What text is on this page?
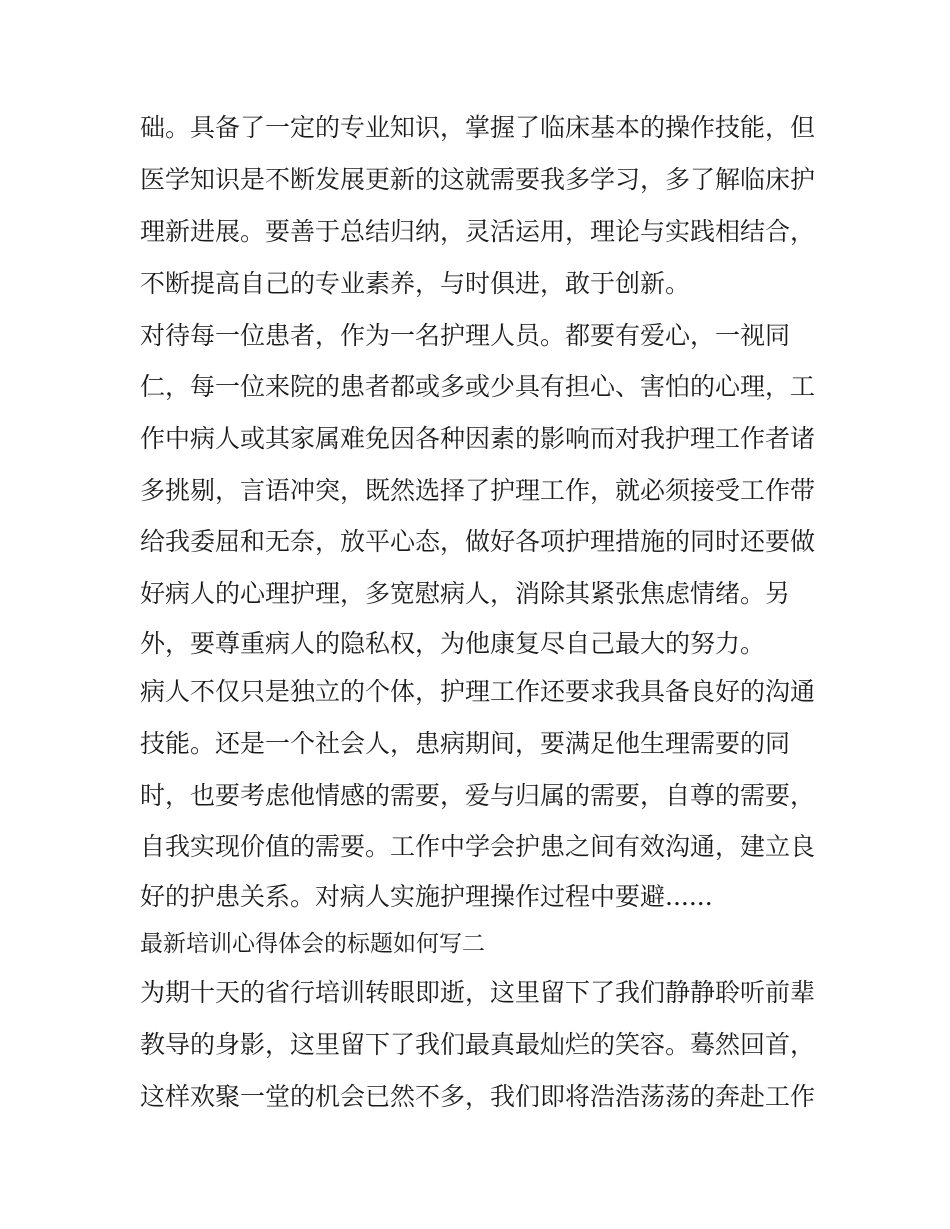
础。具备了一定的专业知识，掌握了临床基本的操作技能，但
医学知识是不断发展更新的这就需要我多学习，多了解临床护
理新进展。要善于总结归纳，灵活运用，理论与实践相结合，
不断提高自己的专业素养，与时俱进，敢于创新。
对待每一位患者，作为一名护理人员。都要有爱心，一视同
仁，每一位来院的患者都或多或少具有担心、害怕的心理，工
作中病人或其家属难免因各种因素的影响而对我护理工作者诸
多挑剔，言语冲突，既然选择了护理工作，就必须接受工作带
给我委屈和无奈，放平心态，做好各项护理措施的同时还要做
好病人的心理护理，多宽慰病人，消除其紧张焦虑情绪。另
外，要尊重病人的隐私权，为他康复尽自己最大的努力。
病人不仅只是独立的个体，护理工作还要求我具备良好的沟通
技能。还是一个社会人，患病期间，要满足他生理需要的同
时，也要考虑他情感的需要，爱与归属的需要，自尊的需要，
自我实现价值的需要。工作中学会护患之间有效沟通，建立良
好的护患关系。对病人实施护理操作过程中要避......
最新培训心得体会的标题如何写二
为期十天的省行培训转眼即逝，这里留下了我们静静聆听前辈
教导的身影，这里留下了我们最真最灿烂的笑容。蓦然回首，
这样欢聚一堂的机会已然不多，我们即将浩浩荡荡的奔赴工作
